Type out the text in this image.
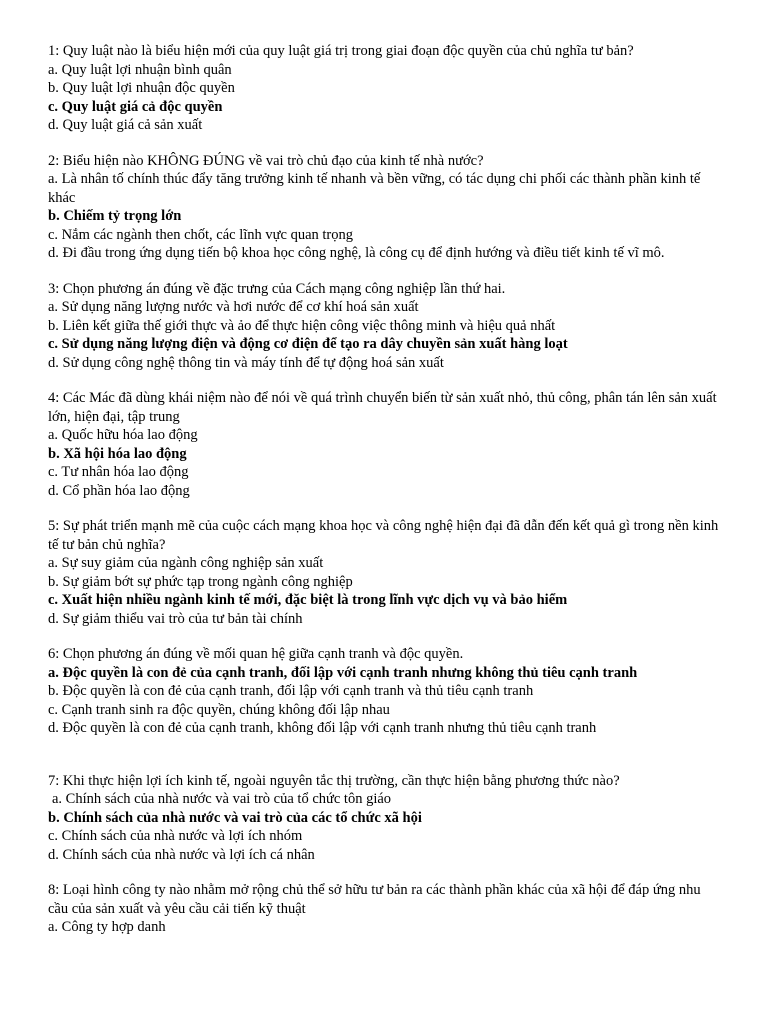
1: Quy luật nào là biểu hiện mới của quy luật giá trị trong giai đoạn độc quyền của chủ nghĩa tư bản?

a. Quy luật lợi nhuận bình quân

b. Quy luật lợi nhuận độc quyền

c. Quy luật giá cả độc quyền

d. Quy luật giá cả sản xuất

2: Biểu hiện nào KHÔNG ĐÚNG về vai trò chủ đạo của kinh tế nhà nước?

a. Là nhân tố chính thúc đẩy tăng trưởng kinh tế nhanh và bền vững, có tác dụng chi phối các thành phần kinh tế khác

b. Chiếm tỷ trọng lớn

c. Nắm các ngành then chốt, các lĩnh vực quan trọng

d. Đi đầu trong ứng dụng tiến bộ khoa học công nghệ, là công cụ để định hướng và điều tiết kinh tế vĩ mô.

3: Chọn phương án đúng về đặc trưng của Cách mạng công nghiệp lần thứ hai.

a. Sử dụng năng lượng nước và hơi nước để cơ khí hoá sản xuất

b. Liên kết giữa thế giới thực và ảo để thực hiện công việc thông minh và hiệu quả nhất

c. Sử dụng năng lượng điện và động cơ điện để tạo ra dây chuyền sản xuất hàng loạt

d. Sử dụng công nghệ thông tin và máy tính để tự động hoá sản xuất

4: Các Mác đã dùng khái niệm nào để nói về quá trình chuyển biến từ sản xuất nhỏ, thủ công, phân tán lên sản xuất lớn, hiện đại, tập trung

a. Quốc hữu hóa lao động

b. Xã hội hóa lao động

c. Tư nhân hóa lao động

d. Cổ phần hóa lao động

5: Sự phát triển mạnh mẽ của cuộc cách mạng khoa học và công nghệ hiện đại đã dẫn đến kết quả gì trong nền kinh tế tư bản chủ nghĩa?

a. Sự suy giảm của ngành công nghiệp sản xuất

b. Sự giảm bớt sự phức tạp trong ngành công nghiệp

c. Xuất hiện nhiều ngành kinh tế mới, đặc biệt là trong lĩnh vực dịch vụ và bảo hiểm

d. Sự giảm thiểu vai trò của tư bản tài chính

6: Chọn phương án đúng về mối quan hệ giữa cạnh tranh và độc quyền.

a. Độc quyền là con đẻ của cạnh tranh, đối lập với cạnh tranh nhưng không thủ tiêu cạnh tranh

b. Độc quyền là con đẻ của cạnh tranh, đối lập với cạnh tranh và thủ tiêu cạnh tranh

c. Cạnh tranh sinh ra độc quyền, chúng không đối lập nhau

d. Độc quyền là con đẻ của cạnh tranh, không đối lập với cạnh tranh nhưng thủ tiêu cạnh tranh

7: Khi thực hiện lợi ích kinh tế, ngoài nguyên tắc thị trường, cần thực hiện bằng phương thức nào?

a. Chính sách của nhà nước và vai trò của tổ chức tôn giáo

b. Chính sách của nhà nước và vai trò của các tổ chức xã hội

c. Chính sách của nhà nước và lợi ích nhóm

d. Chính sách của nhà nước và lợi ích cá nhân

8: Loại hình công ty nào nhằm mở rộng chủ thể sở hữu tư bản ra các thành phần khác của xã hội để đáp ứng nhu cầu của sản xuất và yêu cầu cải tiến kỹ thuật

a. Công ty hợp danh
